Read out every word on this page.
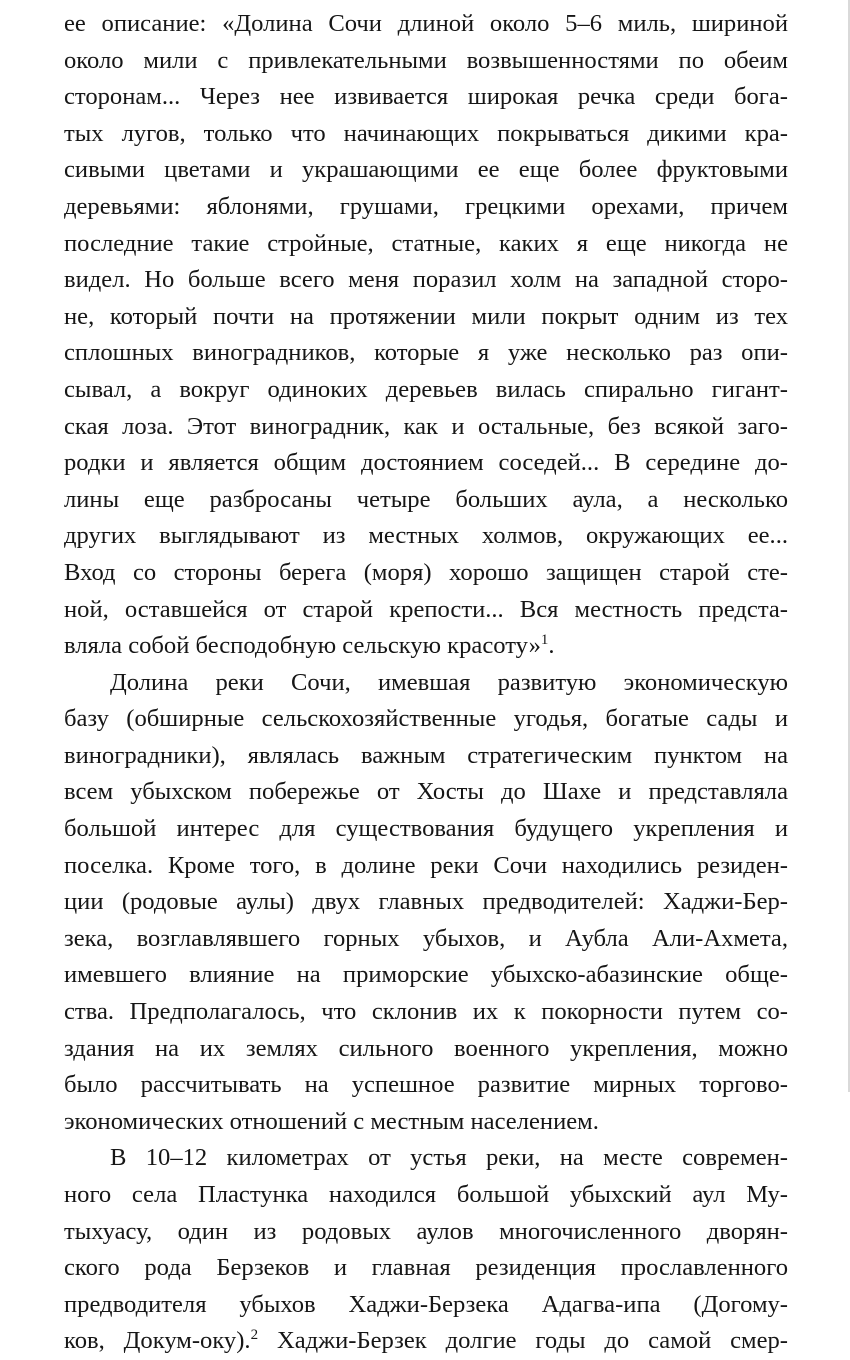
ее описание: «Долина Сочи длиной около 5–6 миль, шириной
около мили с привлекательными возвышенностями по обеим
сторонам... Через нее извивается широкая речка среди бога-
тых лугов, только что начинающих покрываться дикими кра-
сивыми цветами и украшающими ее еще более фруктовыми
деревьями: яблонями, грушами, грецкими орехами, причем
последние такие стройные, статные, каких я еще никогда не
видел. Но больше всего меня поразил холм на западной сторо-
не, который почти на протяжении мили покрыт одним из тех
сплошных виноградников, которые я уже несколько раз опи-
сывал, а вокруг одиноких деревьев вилась спирально гигант-
ская лоза. Этот виноградник, как и остальные, без всякой заго-
родки и является общим достоянием соседей... В середине до-
лины еще разбросаны четыре больших аула, а несколько
других выглядывают из местных холмов, окружающих ее...
Вход со стороны берега (моря) хорошо защищен старой сте-
ной, оставшейся от старой крепости... Вся местность предста-
вляла собой бесподобную сельскую красоту»$^1$.
Долина реки Сочи, имевшая развитую экономическую
базу (обширные сельскохозяйственные угодья, богатые сады и
виноградники), являлась важным стратегическим пунктом на
всем убыхском побережье от Хосты до Шахе и представляла
большой интерес для существования будущего укрепления и
поселка. Кроме того, в долине реки Сочи находились резиден-
ции (родовые аулы) двух главных предводителей: Хаджи-Бер-
зека, возглавлявшего горных убыхов, и Аубла Али-Ахмета,
имевшего влияние на приморские убыхско-абазинские обще-
ства. Предполагалось, что склонив их к покорности путем со-
здания на их землях сильного военного укрепления, можно
было рассчитывать на успешное развитие мирных торгово-
экономических отношений с местным населением.
В 10–12 километрах от устья реки, на месте современ-
ного села Пластунка находился большой убыхский аул Му-
тыхуасу, один из родовых аулов многочисленного дворян-
ского рода Берзеков и главная резиденция прославленного
предводителя убыхов Хаджи-Берзека Адагва-ипа (Догому-
ков, Докум-оку).$^2$ Хаджи-Берзек долгие годы до самой смер-
